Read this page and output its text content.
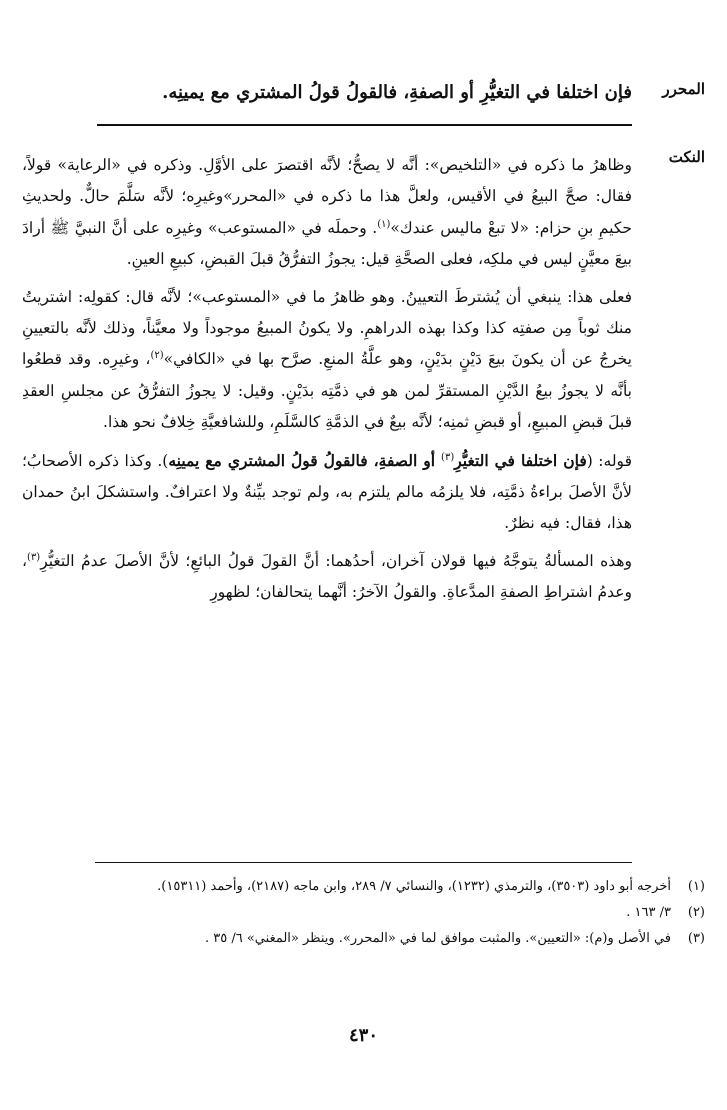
المحرر
فإن اختلفا في التغيُّرِ أو الصفةِ، فالقولُ قولُ المشتري مع يمينِه.
النكت

وظاهرُ ما ذكره في «التلخيص»: أنَّه لا يصحُّ؛ لأنَّه اقتصرَ على الأوَّلِ. وذكره في «الرعاية» قولاً، فقال: صحَّ البيعُ في الأقيس، ولعلَّ هذا ما ذكره في «المحرر»وغيرِه؛ لأنَّه سَلَّمَ حالٌّ. ولحديثِ حكيمِ بنِ حزام: «لا تبعْ ماليس عندك»$^{(١)}$. وحملَه في «المستوعب» وغيرِه على أنَّ النبيَّ ﷺ أرادَ بيعَ معيَّنٍ ليس في ملكِه، فعلى الصحَّةِ قيل: يجوزُ التفرُّقُ قبلَ القبضِ، كبيعِ العينِ.

فعلى هذا: ينبغي أن يُشترطَ التعيينُ. وهو ظاهرُ ما في «المستوعب»؛ لأنَّه قال: كقولِه: اشتريتُ منك ثوباً مِن صفتِه كذا وكذا بهذه الدراهمِ. ولا يكونُ المبيعُ موجوداً ولا معيَّناً، وذلك لأنَّه بالتعيينِ يخرجُ عن أن يكونَ بيعَ دَيْنٍ بدَيْنٍ، وهو علَّةُ المنعِ. صرَّح بها في «الكافي»$^{(٢)}$، وغيرِه. وقد قطعُوا بأنَّه لا يجوزُ بيعُ الدَّيْنِ المستقرِّ لمن هو في ذمَّتِه بدَيْنٍ. وقيل: لا يجوزُ التفرُّقُ عن مجلسِ العقدِ قبلَ قبضِ المبيعِ، أو قبضِ ثمنِه؛ لأنَّه بيعٌ في الذمَّةِ كالسَّلَمِ، وللشافعيَّةِ خِلافٌ نحو هذا.

قوله: (فإن اختلفا في التغيُّرِ$^{(٣)}$ أو الصفةِ، فالقولُ قولُ المشتري مع يمينِه). وكذا ذكره الأصحابُ؛ لأنَّ الأصلَ براءةُ ذمَّتِه، فلا يلزمُه مالم يلتزم به، ولم توجد بيِّنةٌ ولا اعترافٌ. واستشكلَ ابنُ حمدان هذا، فقال: فيه نظرٌ.

وهذه المسألةُ يتوجَّهُ فيها قولان آخران، أحدُهما: أنَّ القولَ قولُ البائعِ؛ لأنَّ الأصلَ عدمُ التغيُّرِ$^{(٣)}$، وعدمُ اشتراطِ الصفةِ المدَّعاةِ. والقولُ الآخرُ: أنَّهما يتحالفان؛ لظهورِ

(١)
أخرجه أبو داود (٣٥٠٣)، والترمذي (١٢٣٢)، والنسائي ٧/ ٢٨٩، وابن ماجه (٢١٨٧)، وأحمد (١٥٣١١).
(٢)
٣/ ١٦٣ .
(٣)
في الأصل و(م): «التعيين». والمثبت موافق لما في «المحرر». وينظر «المغني» ٦/ ٣٥ .
٤٣٠
